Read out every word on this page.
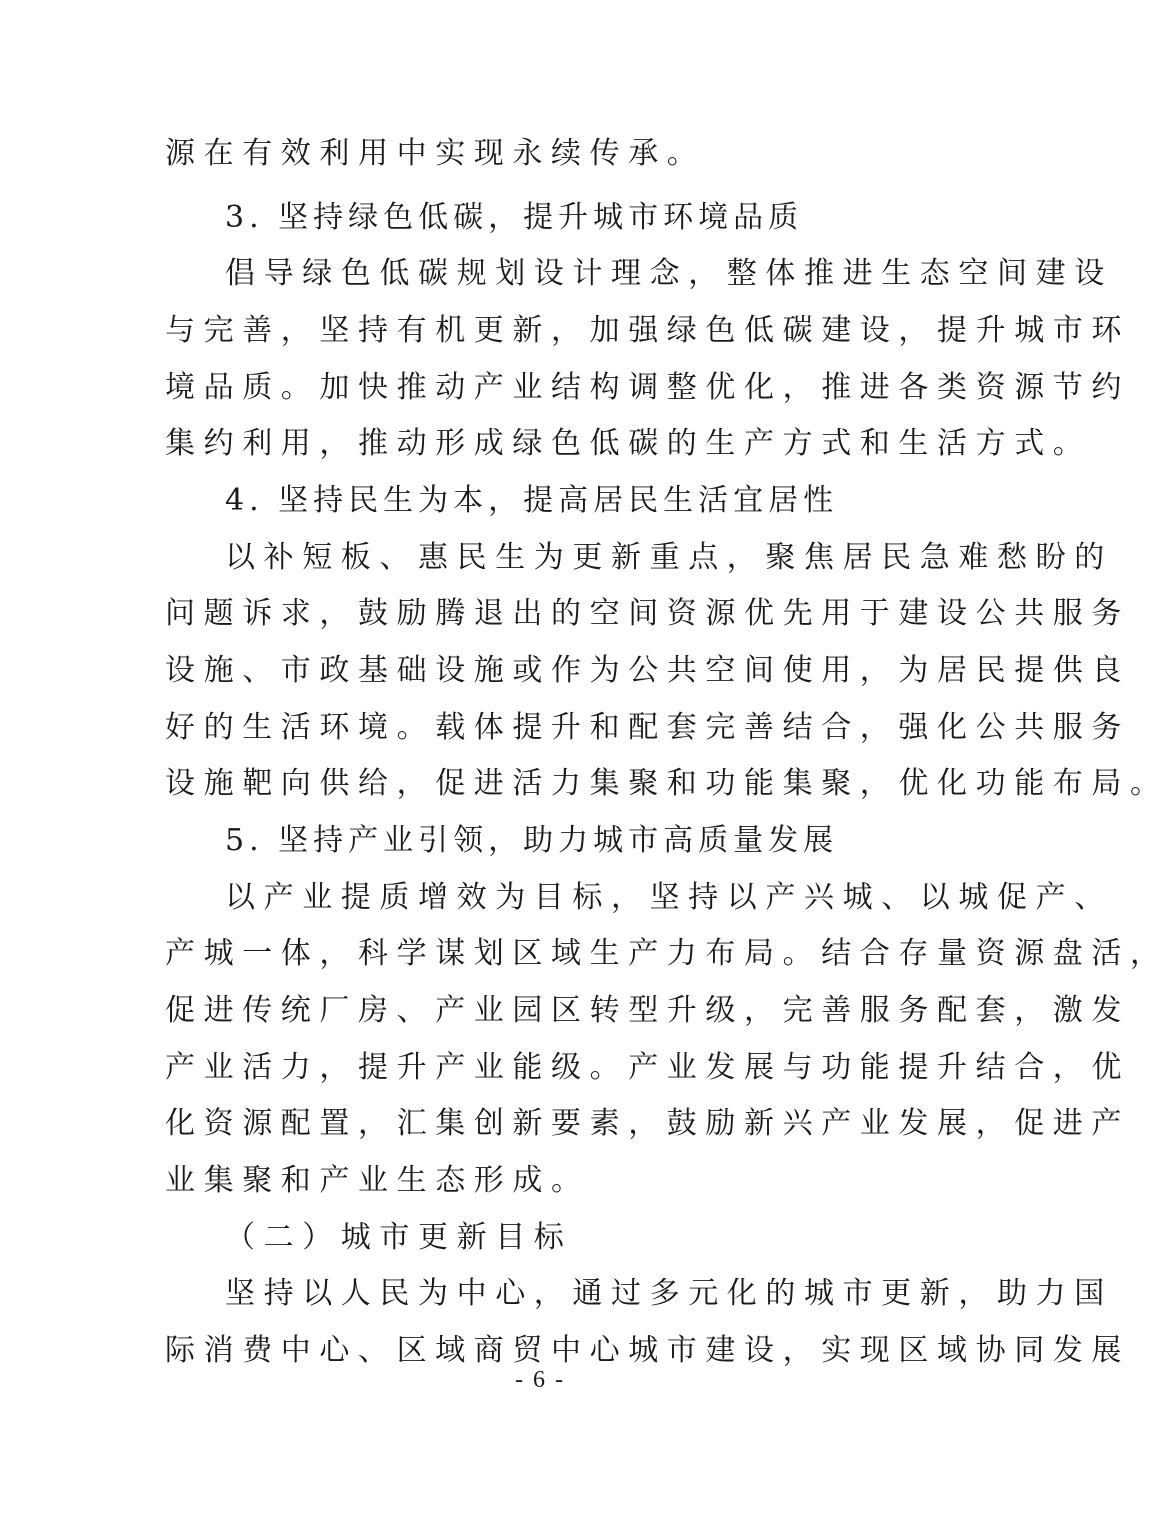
源在有效利用中实现永续传承。
3. 坚持绿色低碳，提升城市环境品质
倡导绿色低碳规划设计理念，整体推进生态空间建设
与完善，坚持有机更新，加强绿色低碳建设，提升城市环
境品质。加快推动产业结构调整优化，推进各类资源节约
集约利用，推动形成绿色低碳的生产方式和生活方式。
4. 坚持民生为本，提高居民生活宜居性
以补短板、惠民生为更新重点，聚焦居民急难愁盼的
问题诉求，鼓励腾退出的空间资源优先用于建设公共服务
设施、市政基础设施或作为公共空间使用，为居民提供良
好的生活环境。载体提升和配套完善结合，强化公共服务
设施靶向供给，促进活力集聚和功能集聚，优化功能布局。
5. 坚持产业引领，助力城市高质量发展
以产业提质增效为目标，坚持以产兴城、以城促产、
产城一体，科学谋划区域生产力布局。结合存量资源盘活，
促进传统厂房、产业园区转型升级，完善服务配套，激发
产业活力，提升产业能级。产业发展与功能提升结合，优
化资源配置，汇集创新要素，鼓励新兴产业发展，促进产
业集聚和产业生态形成。
（二）城市更新目标
坚持以人民为中心，通过多元化的城市更新，助力国
际消费中心、区域商贸中心城市建设，实现区域协同发展
- 6 -
